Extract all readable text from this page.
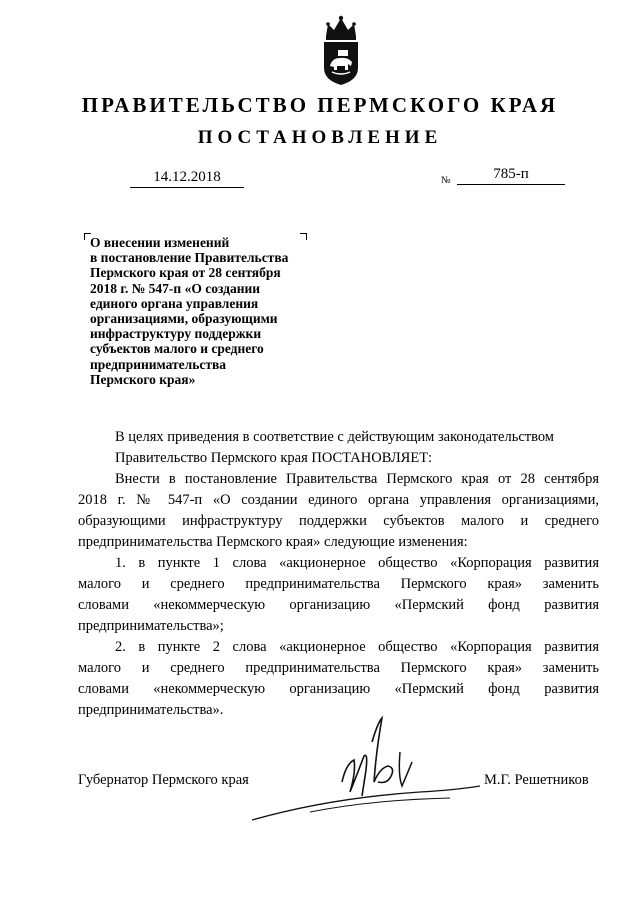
ПРАВИТЕЛЬСТВО ПЕРМСКОГО КРАЯ
ПОСТАНОВЛЕНИЕ
14.12.2018	№	785-п
О внесении изменений
в постановление Правительства
Пермского края от 28 сентября
2018 г. № 547-п «О создании
единого органа управления
организациями, образующими
инфраструктуру поддержки
субъектов малого и среднего
предпринимательства
Пермского края»
В целях приведения в соответствие с действующим законодательством
Правительство Пермского края ПОСТАНОВЛЯЕТ:
Внести в постановление Правительства Пермского края от 28 сентября
2018 г. № 547-п «О создании единого органа управления организациями,
образующими инфраструктуру поддержки субъектов малого и среднего
предпринимательства Пермского края» следующие изменения:
1. в пункте 1 слова «акционерное общество «Корпорация развития
малого и среднего предпринимательства Пермского края» заменить
словами «некоммерческую организацию «Пермский фонд развития
предпринимательства»;
2. в пункте 2 слова «акционерное общество «Корпорация развития
малого и среднего предпринимательства Пермского края» заменить
словами «некоммерческую организацию «Пермский фонд развития
предпринимательства».
Губернатор Пермского края	М.Г. Решетников
